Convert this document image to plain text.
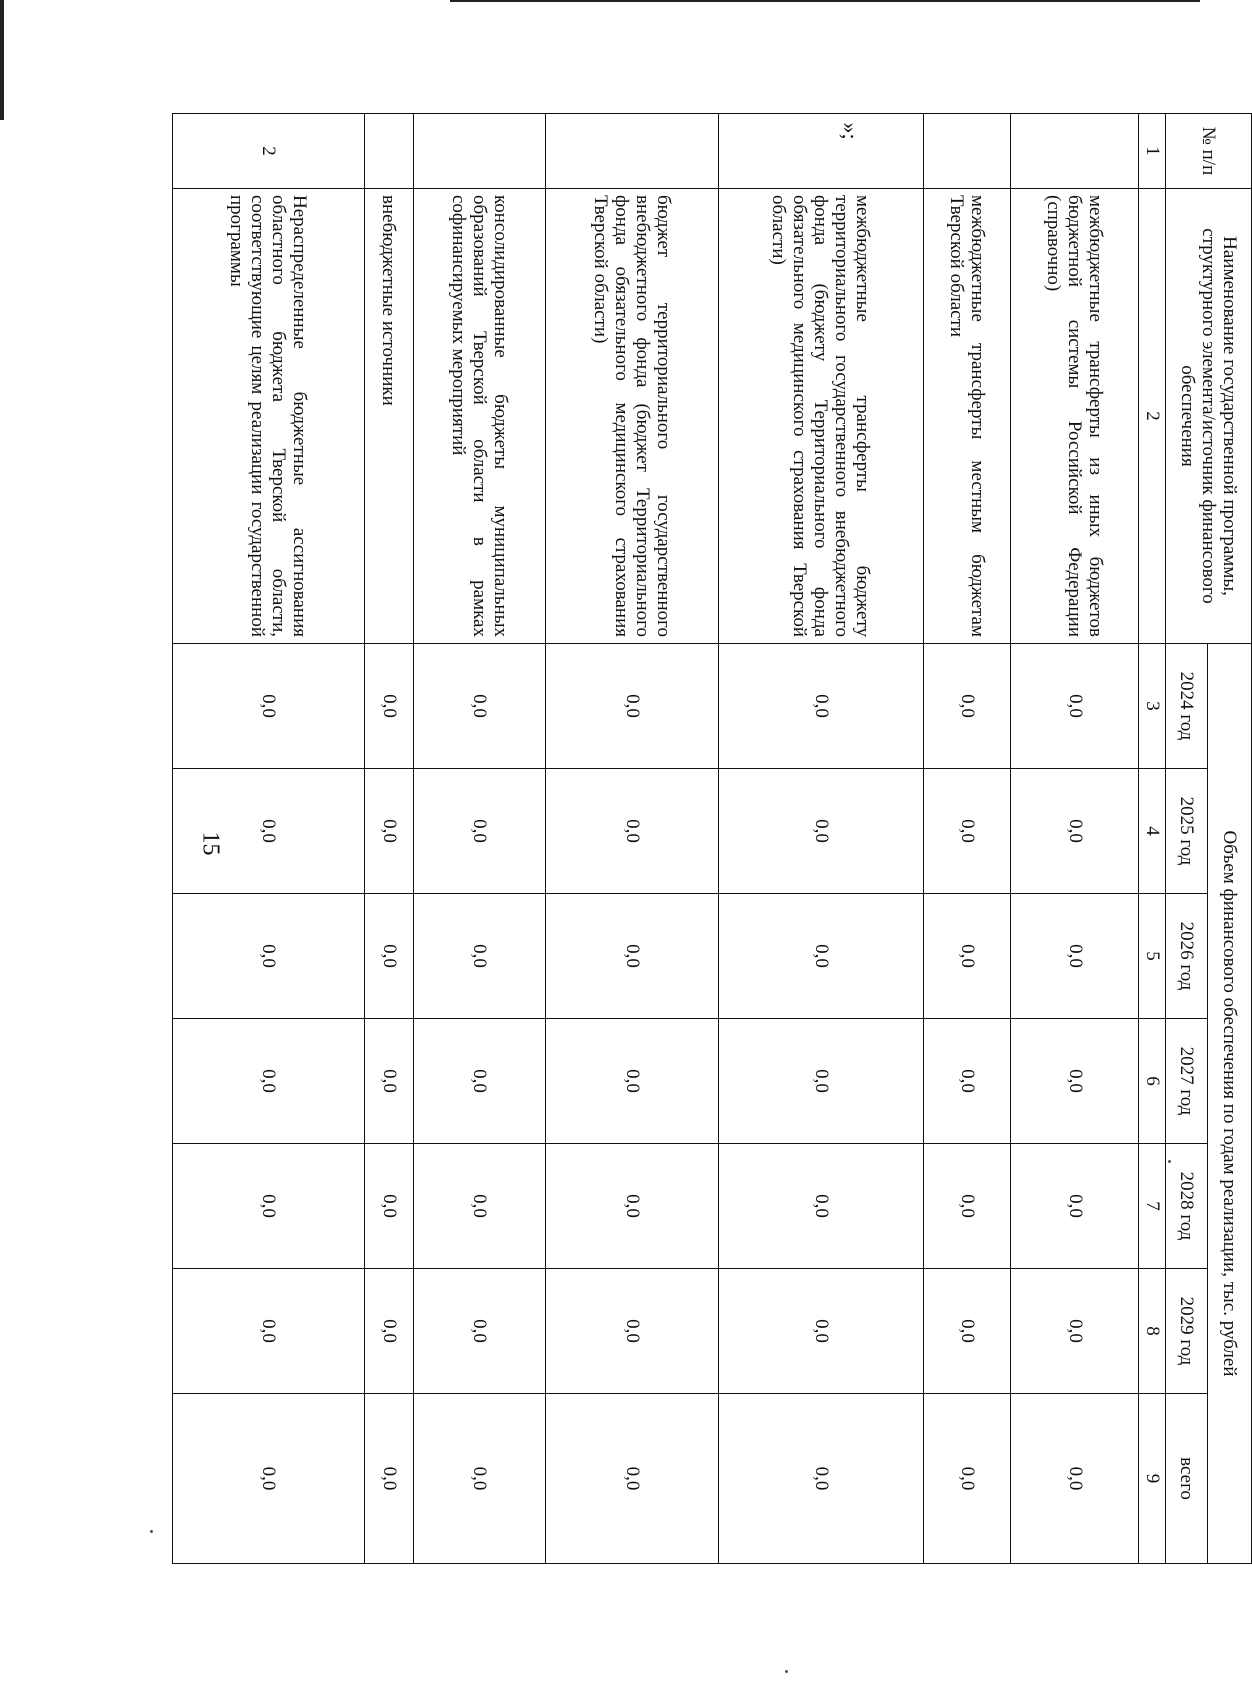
15
№ п/п	Наименование государственной программы, структурного элемента/источник финансового обеспечения	Объем финансового обеспечения по годам реализации, тыс. рублей						
		2024 год	2025 год	2026 год	2027 год	2028 год	2029 год	всего
1	2	3	4	5	6	7	8	9
	межбюджетные трансферты из иных бюджетов бюджетной системы Российской Федерации (справочно)	0,0	0,0	0,0	0,0	0,0	0,0	0,0
	межбюджетные трансферты местным бюджетам Тверской области	0,0	0,0	0,0	0,0	0,0	0,0	0,0
	межбюджетные трансферты бюджету территориального государственного внебюджетного фонда (бюджету Территориального фонда обязательного медицинского страхования Тверской области)	0,0	0,0	0,0	0,0	0,0	0,0	0,0
	бюджет территориального государственного внебюджетного фонда (бюджет Территориального фонда обязательного медицинского страхования Тверской области)	0,0	0,0	0,0	0,0	0,0	0,0	0,0
	консолидированные бюджеты муниципальных образований Тверской области в рамках софинансируемых мероприятий	0,0	0,0	0,0	0,0	0,0	0,0	0,0
	внебюджетные источники	0,0	0,0	0,0	0,0	0,0	0,0	0,0
2	Нераспределенные бюджетные ассигнования областного бюджета Тверской области, соответствующие целям реализации государственной программы	0,0	0,0	0,0	0,0	0,0	0,0	0,0
»;
